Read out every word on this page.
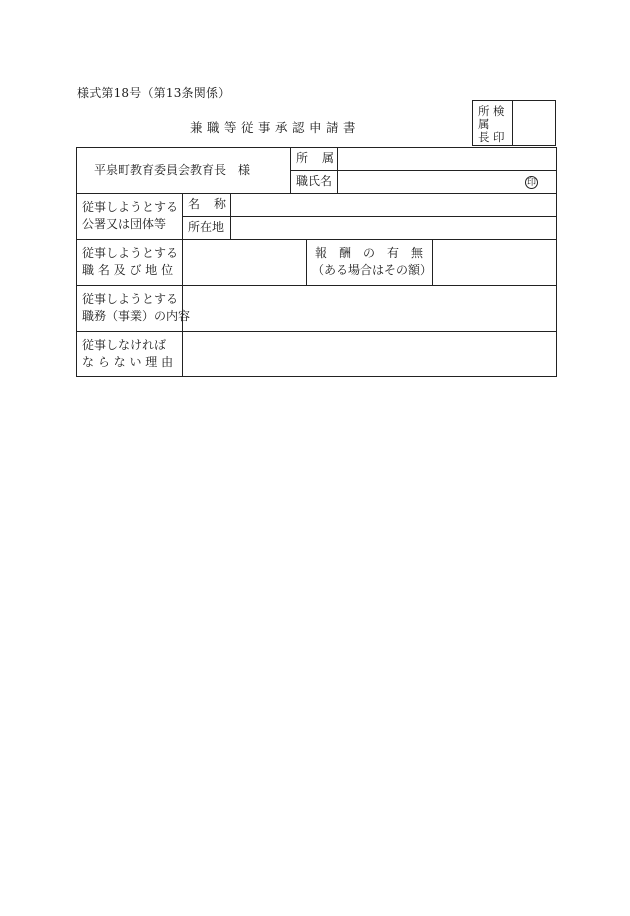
様式第18号（第13条関係）
兼職等従事承認申請書
所
属
長
検

印
平泉町教育委員会教育長　様
所　属
職氏名	印
従事しようとする
公署又は団体等
名　称
所在地
従事しようとする
職 名 及 び 地 位
報　酬　の　有　無
（ある場合はその額）
従事しようとする
職務（事業）の内容
従事しなければ
な ら な い 理 由
